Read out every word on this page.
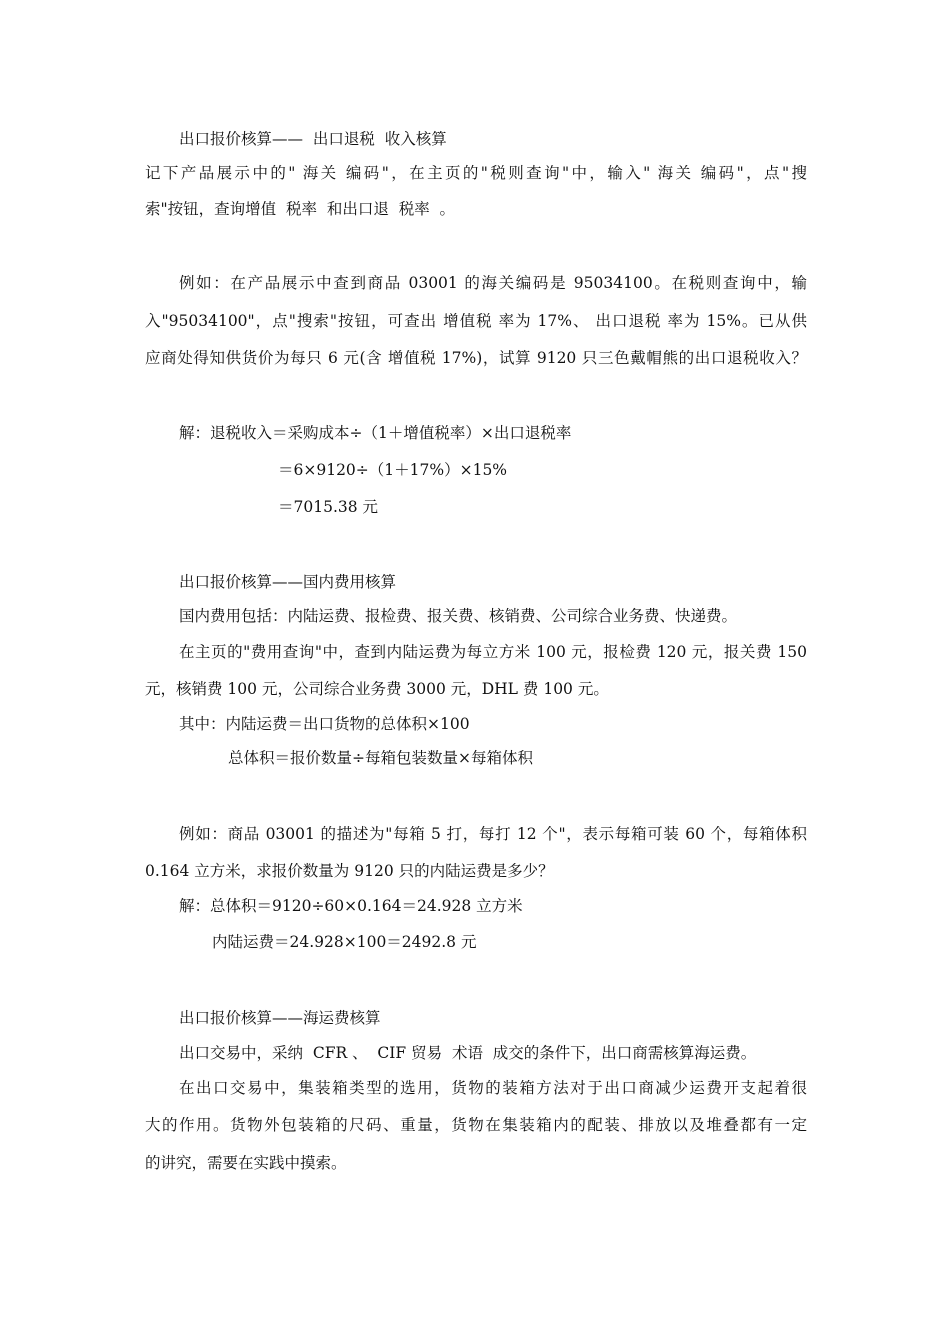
出口报价核算——  出口退税  收入核算

记下产品展示中的" 海关 编码"，在主页的"税则查询"中，输入" 海关 编码"，点"搜

索"按钮，查询增值  税率  和出口退  税率  。

例如：在产品展示中查到商品 03001 的海关编码是 95034100。在税则查询中，输

入"95034100"，点"搜索"按钮，可查出 增值税 率为 17%、 出口退税 率为 15%。已从供

应商处得知供货价为每只 6 元(含 增值税 17%)，试算 9120 只三色戴帽熊的出口退税收入？

解：退税收入＝采购成本÷（1＋增值税率）×出口退税率

＝6×9120÷（1＋17%）×15%

＝7015.38 元

出口报价核算——国内费用核算

国内费用包括：内陆运费、报检费、报关费、核销费、公司综合业务费、快递费。

在主页的"费用查询"中，查到内陆运费为每立方米 100 元，报检费 120 元，报关费 150

元，核销费 100 元，公司综合业务费 3000 元，DHL 费 100 元。

其中：内陆运费＝出口货物的总体积×100

总体积＝报价数量÷每箱包装数量×每箱体积

例如：商品 03001 的描述为"每箱 5 打，每打 12 个"，表示每箱可装 60 个，每箱体积

0.164 立方米，求报价数量为 9120 只的内陆运费是多少？

解：总体积＝9120÷60×0.164＝24.928 立方米

内陆运费＝24.928×100＝2492.8 元

出口报价核算——海运费核算

出口交易中，采纳  CFR 、  CIF 贸易  术语  成交的条件下，出口商需核算海运费。

在出口交易中，集装箱类型的选用，货物的装箱方法对于出口商减少运费开支起着很

大的作用。货物外包装箱的尺码、重量，货物在集装箱内的配装、排放以及堆叠都有一定

的讲究，需要在实践中摸索。
